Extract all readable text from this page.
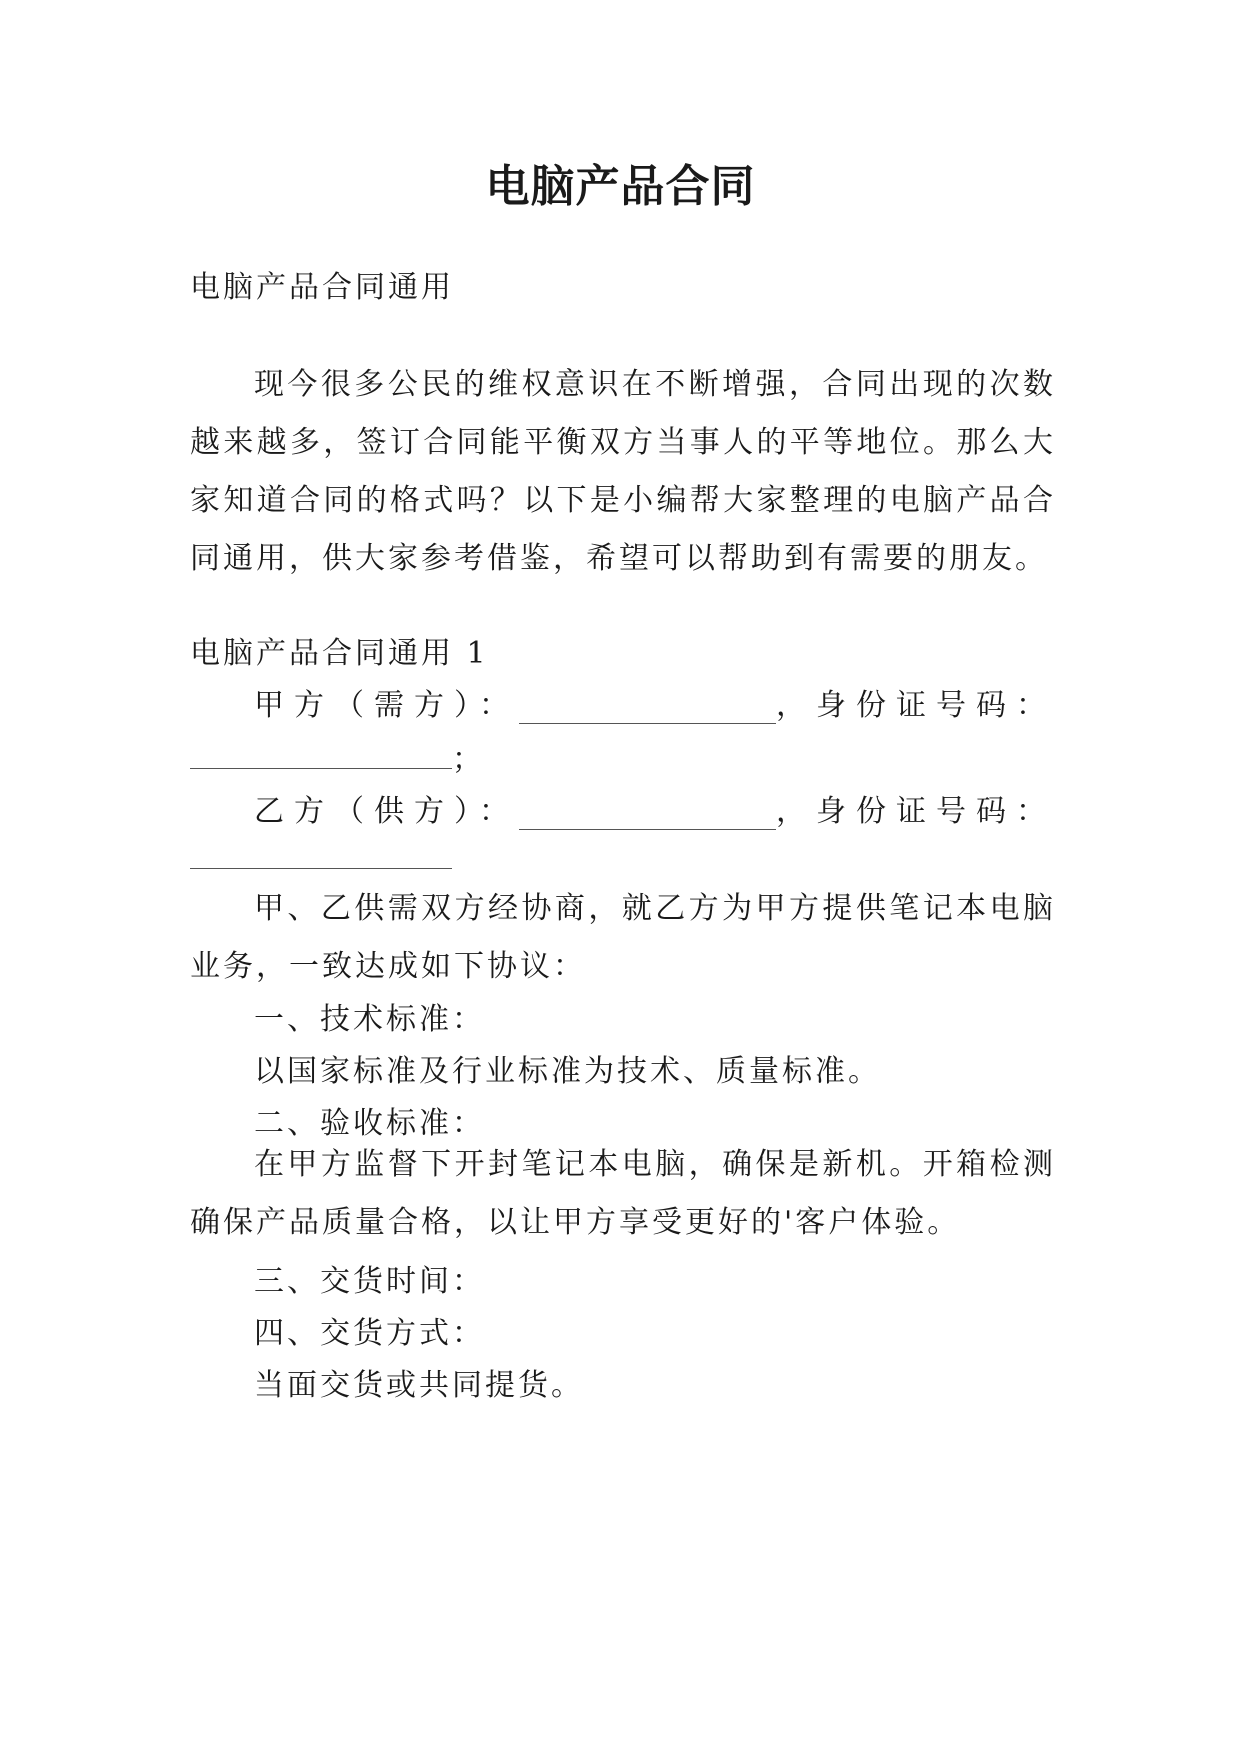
电脑产品合同
电脑产品合同通用
现今很多公民的维权意识在不断增强，合同出现的次数越来越多，签订合同能平衡双方当事人的平等地位。那么大家知道合同的格式吗？以下是小编帮大家整理的电脑产品合同通用，供大家参考借鉴，希望可以帮助到有需要的朋友。
电脑产品合同通用 1
甲方（需方）：	，身份证号码：
；
乙方（供方）：	，身份证号码：
甲、乙供需双方经协商，就乙方为甲方提供笔记本电脑业务，一致达成如下协议：
一、技术标准：
以国家标准及行业标准为技术、质量标准。
二、验收标准：
在甲方监督下开封笔记本电脑，确保是新机。开箱检测确保产品质量合格，以让甲方享受更好的'客户体验。
三、交货时间：
四、交货方式：
当面交货或共同提货。
